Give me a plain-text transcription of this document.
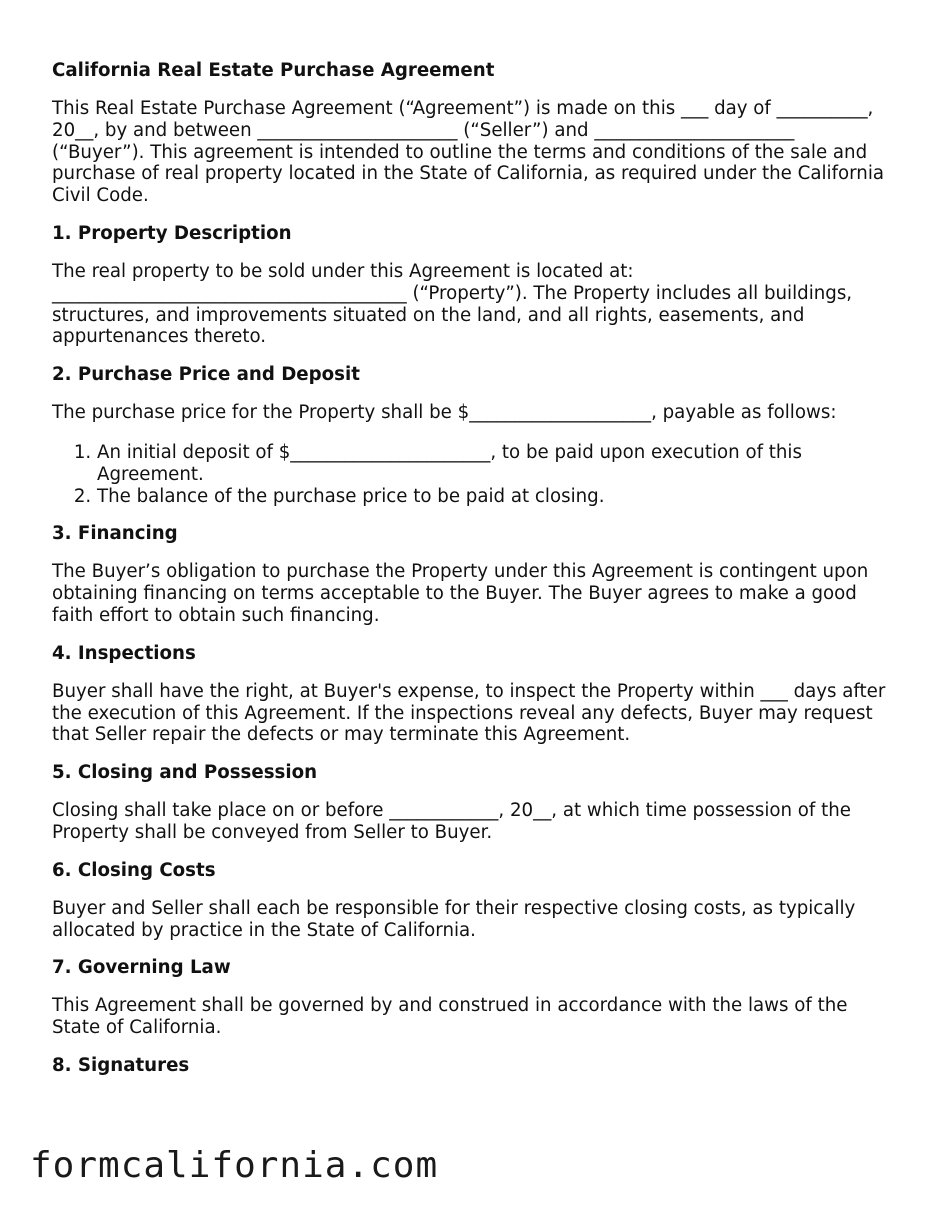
California Real Estate Purchase Agreement

This Real Estate Purchase Agreement (“Agreement”) is made on this ___ day of __________, 20__, by and between ______________________ (“Seller”) and ______________________ (“Buyer”). This agreement is intended to outline the terms and conditions of the sale and purchase of real property located in the State of California, as required under the California Civil Code.

1. Property Description

The real property to be sold under this Agreement is located at: _______________________________________ (“Property”). The Property includes all buildings, structures, and improvements situated on the land, and all rights, easements, and appurtenances thereto.

2. Purchase Price and Deposit

The purchase price for the Property shall be $____________________, payable as follows:

1. An initial deposit of $______________________, to be paid upon execution of this Agreement.
2. The balance of the purchase price to be paid at closing.
3. Financing

The Buyer’s obligation to purchase the Property under this Agreement is contingent upon obtaining financing on terms acceptable to the Buyer. The Buyer agrees to make a good faith effort to obtain such financing.

4. Inspections

Buyer shall have the right, at Buyer's expense, to inspect the Property within ___ days after the execution of this Agreement. If the inspections reveal any defects, Buyer may request that Seller repair the defects or may terminate this Agreement.

5. Closing and Possession

Closing shall take place on or before ____________, 20__, at which time possession of the Property shall be conveyed from Seller to Buyer.

6. Closing Costs

Buyer and Seller shall each be responsible for their respective closing costs, as typically allocated by practice in the State of California.

7. Governing Law

This Agreement shall be governed by and construed in accordance with the laws of the State of California.

8. Signatures
formcalifornia.com
